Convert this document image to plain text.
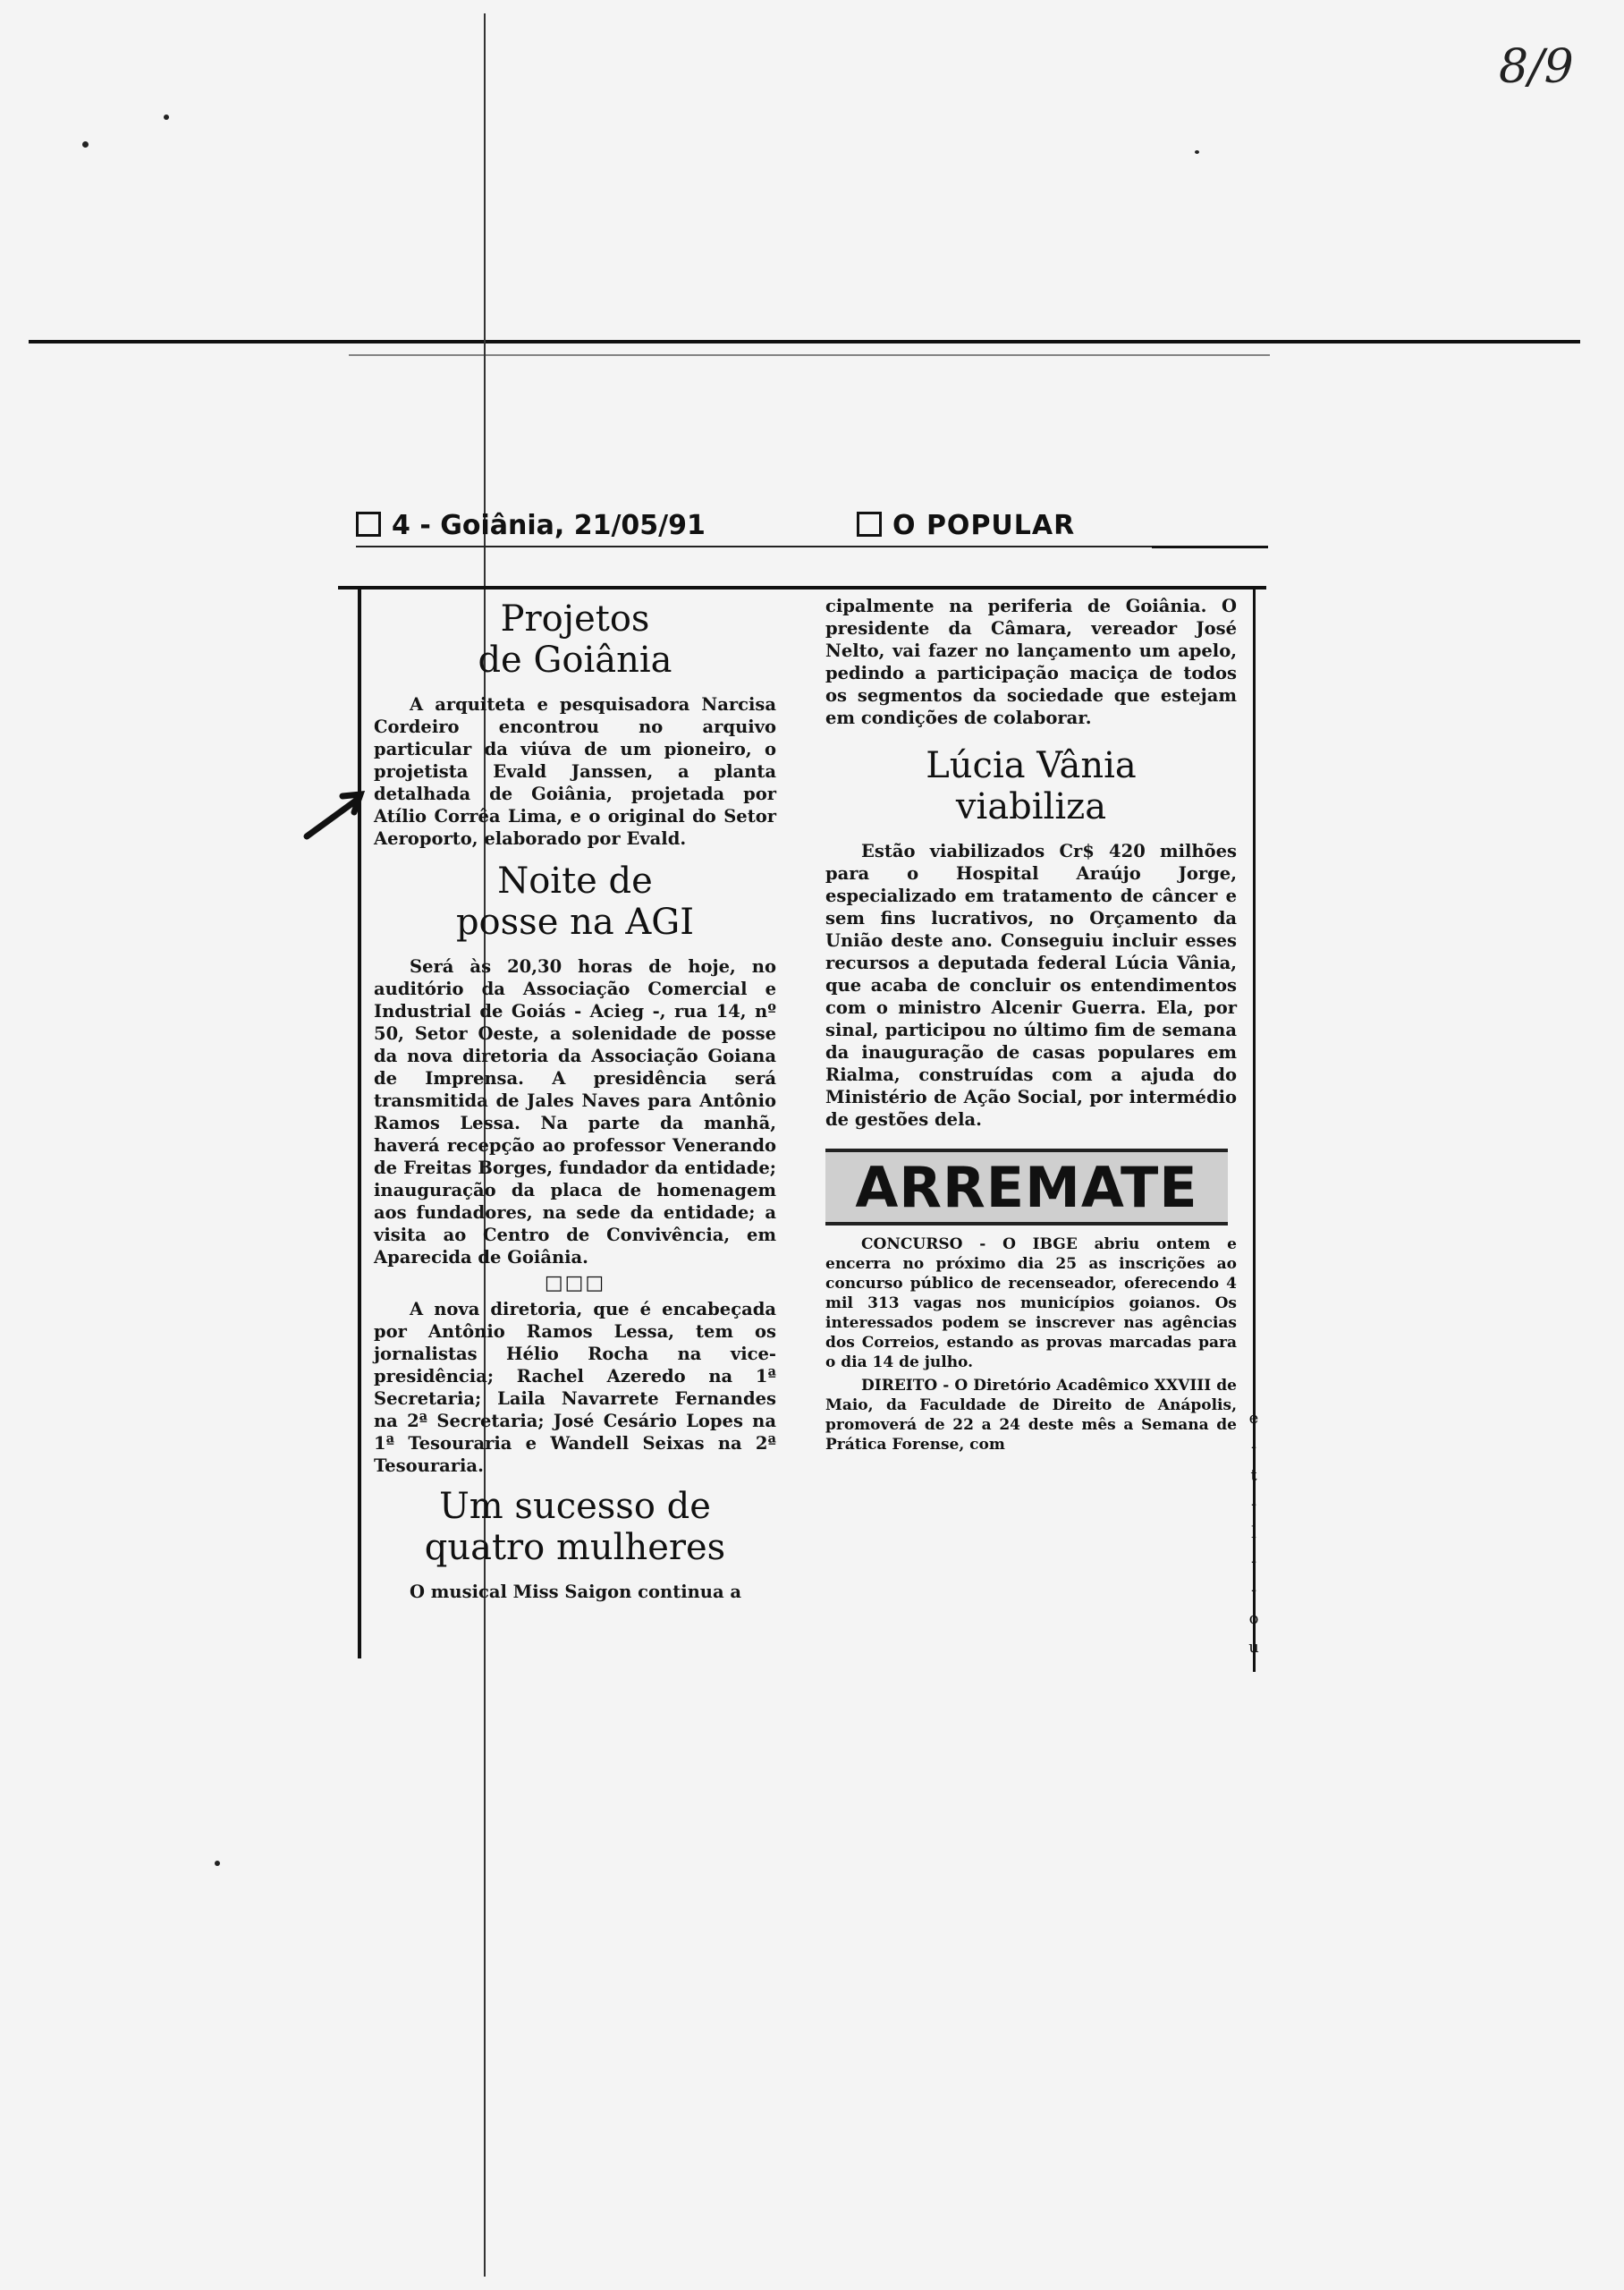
8/9
4 - Goiânia, 21/05/91	O POPULAR
Projetos
de Goiânia

A arquiteta e pesquisadora Narcisa Cordeiro encontrou no arquivo particular da viúva de um pioneiro, o projetista Evald Janssen, a planta detalhada de Goiânia, projetada por Atílio Corrêa Lima, e o original do Setor Aeroporto, elaborado por Evald.

Noite de
posse na AGI

Será às 20,30 horas de hoje, no auditório da Associação Comercial e Industrial de Goiás - Acieg -, rua 14, nº 50, Setor Oeste, a solenidade de posse da nova diretoria da Associação Goiana de Imprensa. A presidência será transmitida de Jales Naves para Antônio Ramos Lessa. Na parte da manhã, haverá recepção ao professor Venerando de Freitas Borges, fundador da entidade; inauguração da placa de homenagem aos fundadores, na sede da entidade; a visita ao Centro de Convivência, em Aparecida de Goiânia.

□□□

A nova diretoria, que é encabeçada por Antônio Ramos Lessa, tem os jornalistas Hélio Rocha na vice-presidência; Rachel Azeredo na 1ª Secretaria; Laila Navarrete Fernandes na 2ª Secretaria; José Cesário Lopes na 1ª Tesouraria e Wandell Seixas na 2ª Tesouraria.

Um sucesso de
quatro mulheres

O musical Miss Saigon continua a

cipalmente na periferia de Goiânia. O presidente da Câmara, vereador José Nelto, vai fazer no lançamento um apelo, pedindo a participação maciça de todos os segmentos da sociedade que estejam em condições de colaborar.

Lúcia Vânia
viabiliza

Estão viabilizados Cr$ 420 milhões para o Hospital Araújo Jorge, especializado em tratamento de câncer e sem fins lucrativos, no Orçamento da União deste ano. Conseguiu incluir esses recursos a deputada federal Lúcia Vânia, que acaba de concluir os entendimentos com o ministro Alcenir Guerra. Ela, por sinal, participou no último fim de semana da inauguração de casas populares em Rialma, construídas com a ajuda do Ministério de Ação Social, por intermédio de gestões dela.

ARREMATE

CONCURSO - O IBGE abriu ontem e encerra no próximo dia 25 as inscrições ao concurso público de recenseador, oferecendo 4 mil 313 vagas nos municípios goianos. Os interessados podem se inscrever nas agências dos Correios, estando as provas marcadas para o dia 14 de julho.

DIREITO - O Diretório Acadêmico XXVIII de Maio, da Faculdade de Direito de Anápolis, promoverá de 22 a 24 deste mês a Semana de Prática Forense, com

e
-
t
-
l
-
-
o
u
